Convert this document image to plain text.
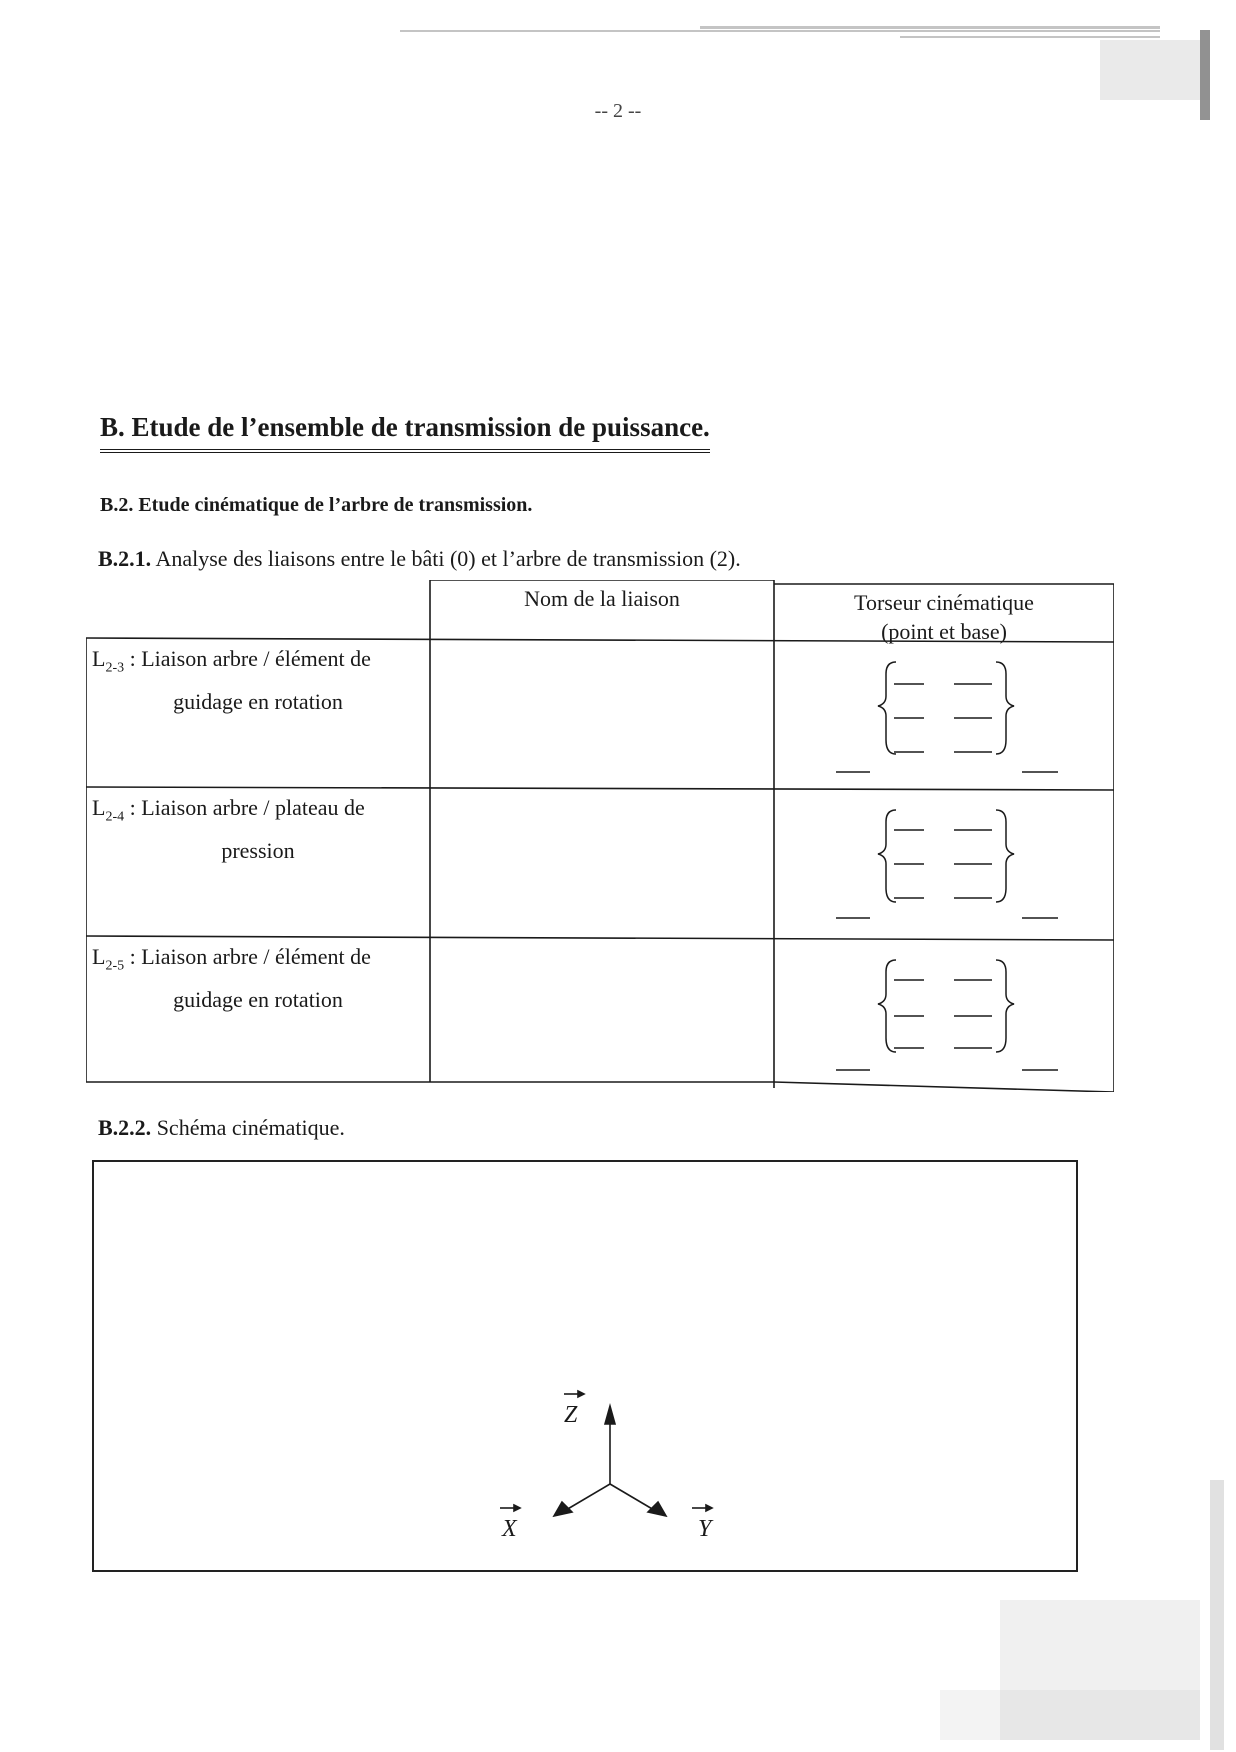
-- 2 --
B. Etude de l’ensemble de transmission de puissance.
B.2. Etude cinématique de l’arbre de transmission.
B.2.1. Analyse des liaisons entre le bâti (0) et l’arbre de transmission (2).
Nom de la liaison	Torseur cinématique
(point et base)
$L_{2-3}$ : Liaison arbre / élément de
guidage en rotation
$L_{2-4}$ : Liaison arbre / plateau de
pression
$L_{2-5}$ : Liaison arbre / élément de
guidage en rotation
B.2.2. Schéma cinématique.
Z
X	Y
